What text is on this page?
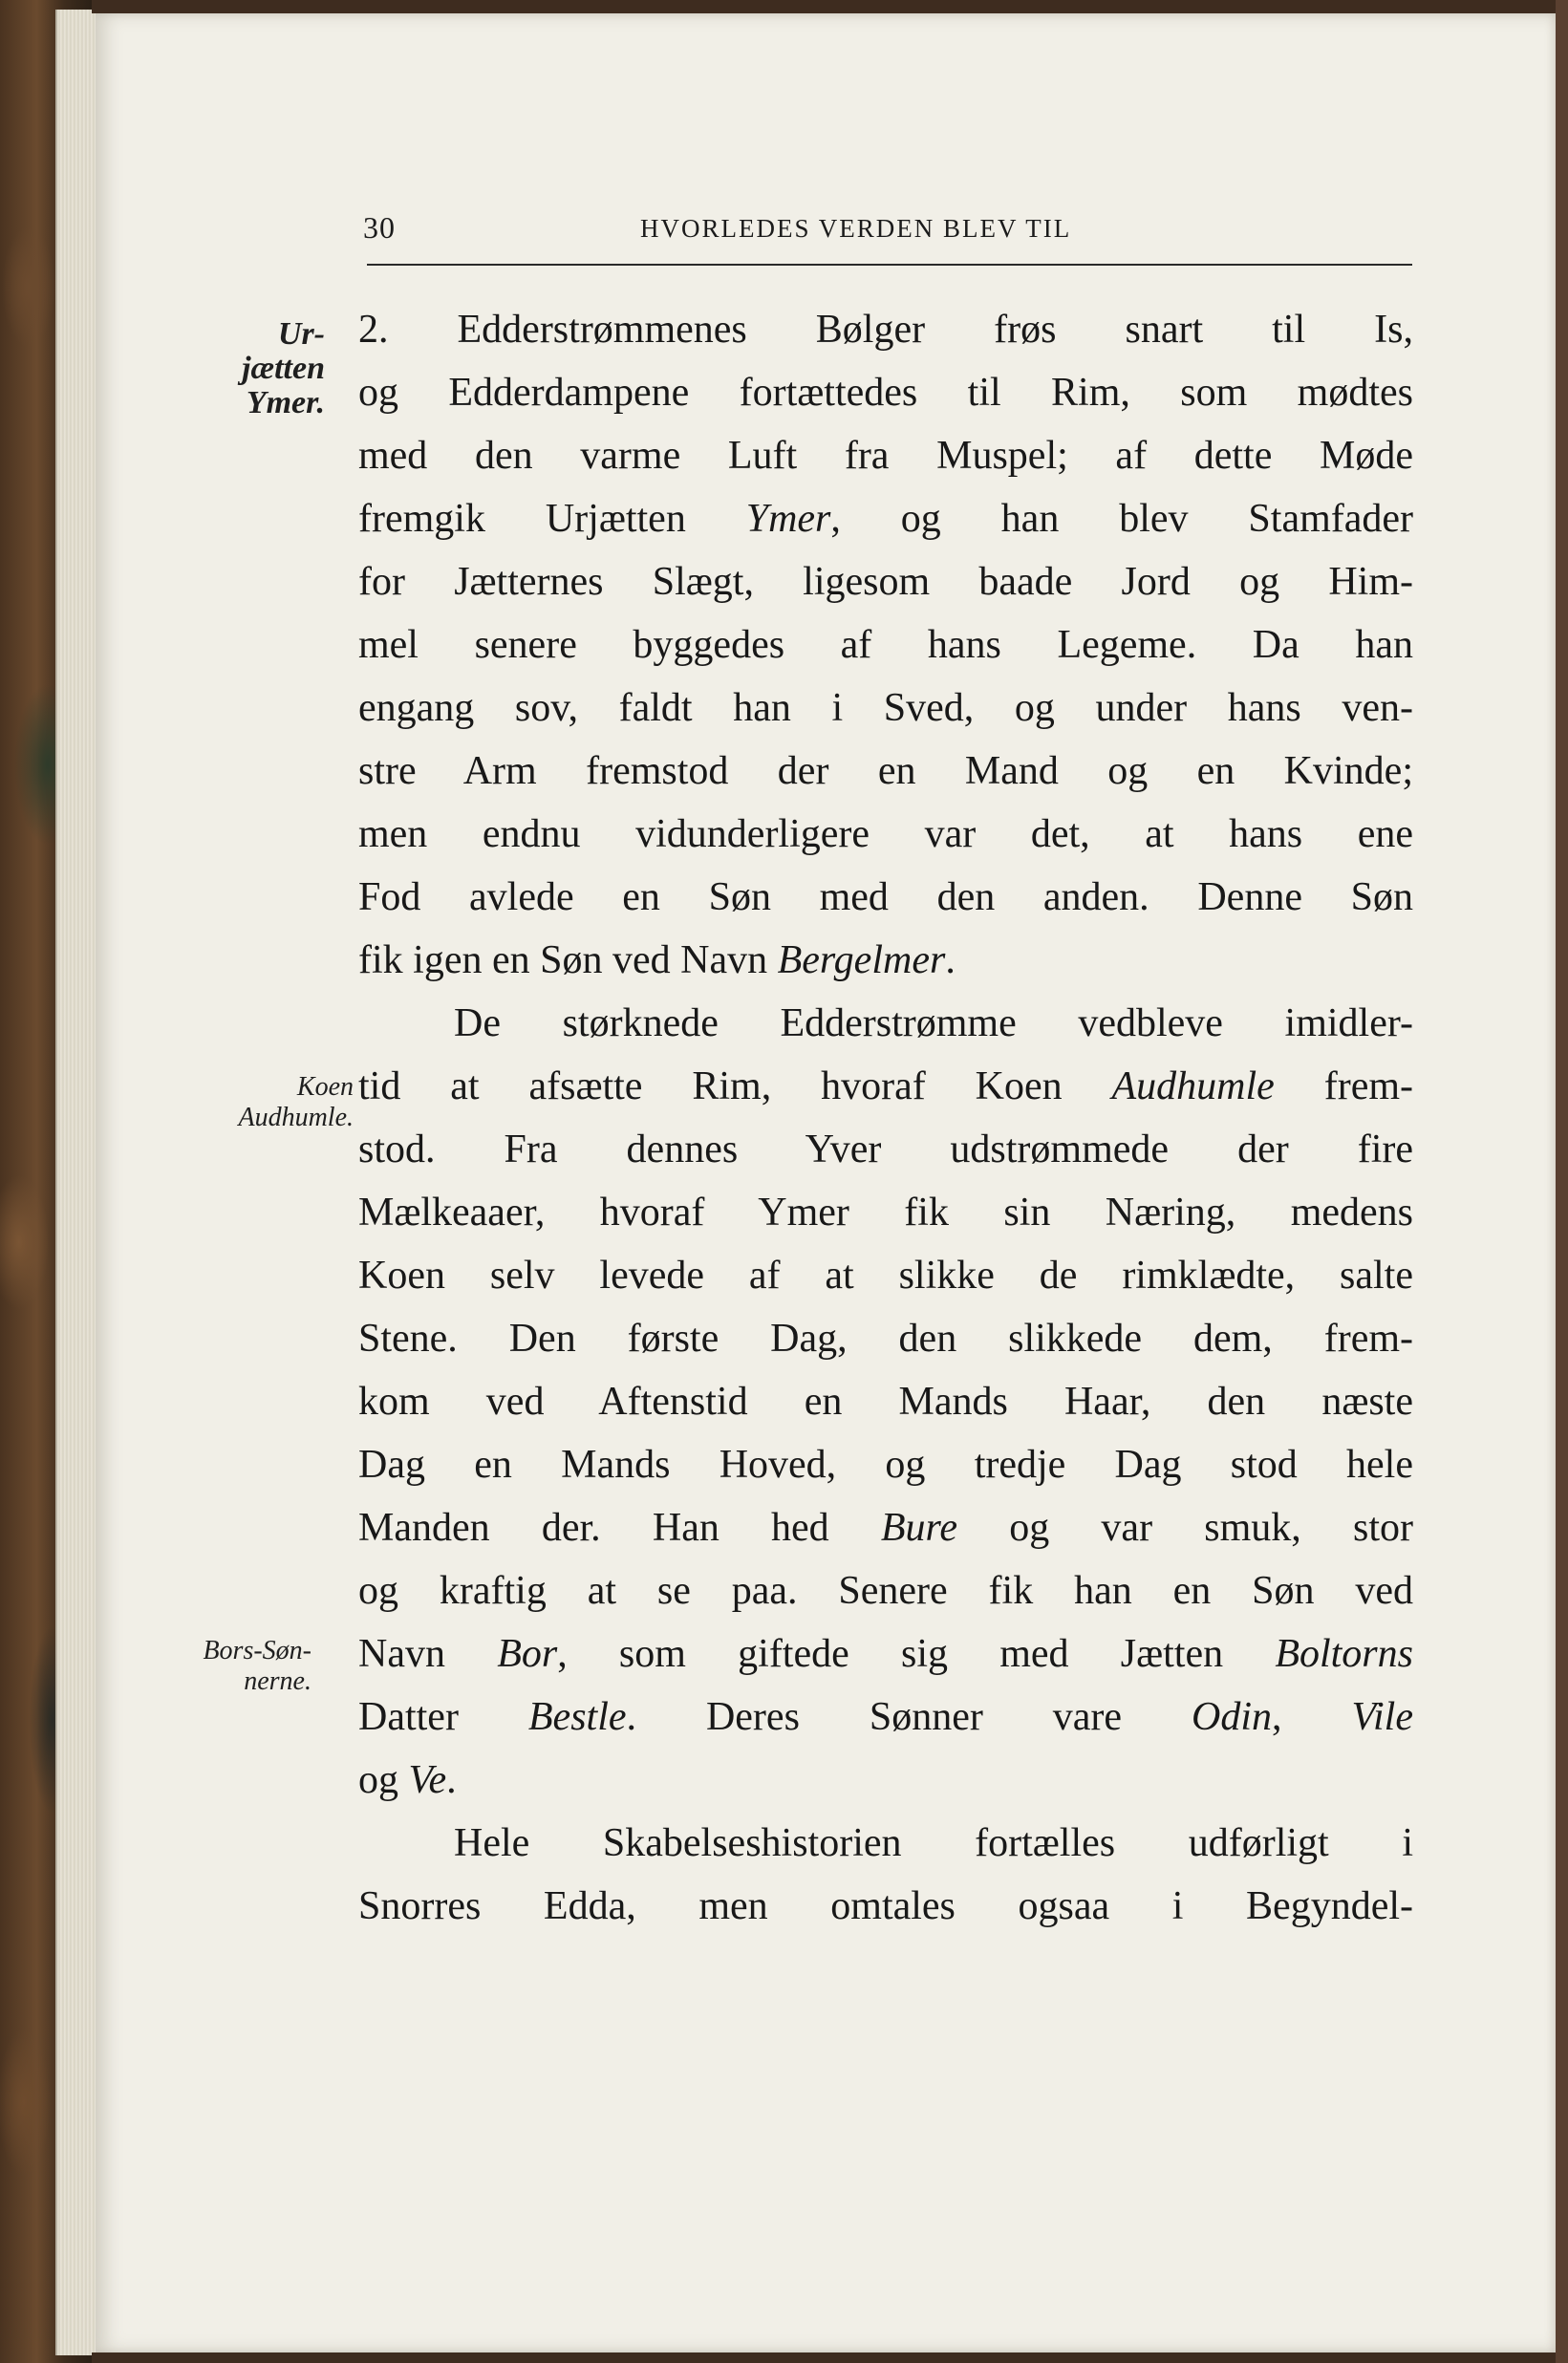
30	HVORLEDES VERDEN BLEV TIL
Ur-
jætten
Ymer.
Koen
Audhumle.
Bors-Søn-
nerne.
2. Edderstrømmenes Bølger frøs snart til Is,
og Edderdampene fortættedes til Rim, som mødtes
med den varme Luft fra Muspel; af dette Møde
fremgik Urjætten Ymer, og han blev Stamfader
for Jætternes Slægt, ligesom baade Jord og Him-
mel senere byggedes af hans Legeme. Da han
engang sov, faldt han i Sved, og under hans ven-
stre Arm fremstod der en Mand og en Kvinde;
men endnu vidunderligere var det, at hans ene
Fod avlede en Søn med den anden. Denne Søn
fik igen en Søn ved Navn Bergelmer.
De størknede Edderstrømme vedbleve imidler-
tid at afsætte Rim, hvoraf Koen Audhumle frem-
stod. Fra dennes Yver udstrømmede der fire
Mælkeaaer, hvoraf Ymer fik sin Næring, medens
Koen selv levede af at slikke de rimklædte, salte
Stene. Den første Dag, den slikkede dem, frem-
kom ved Aftenstid en Mands Haar, den næste
Dag en Mands Hoved, og tredje Dag stod hele
Manden der. Han hed Bure og var smuk, stor
og kraftig at se paa. Senere fik han en Søn ved
Navn Bor, som giftede sig med Jætten Boltorns
Datter Bestle. Deres Sønner vare Odin, Vile
og Ve.
Hele Skabelseshistorien fortælles udførligt i
Snorres Edda, men omtales ogsaa i Begyndel-
